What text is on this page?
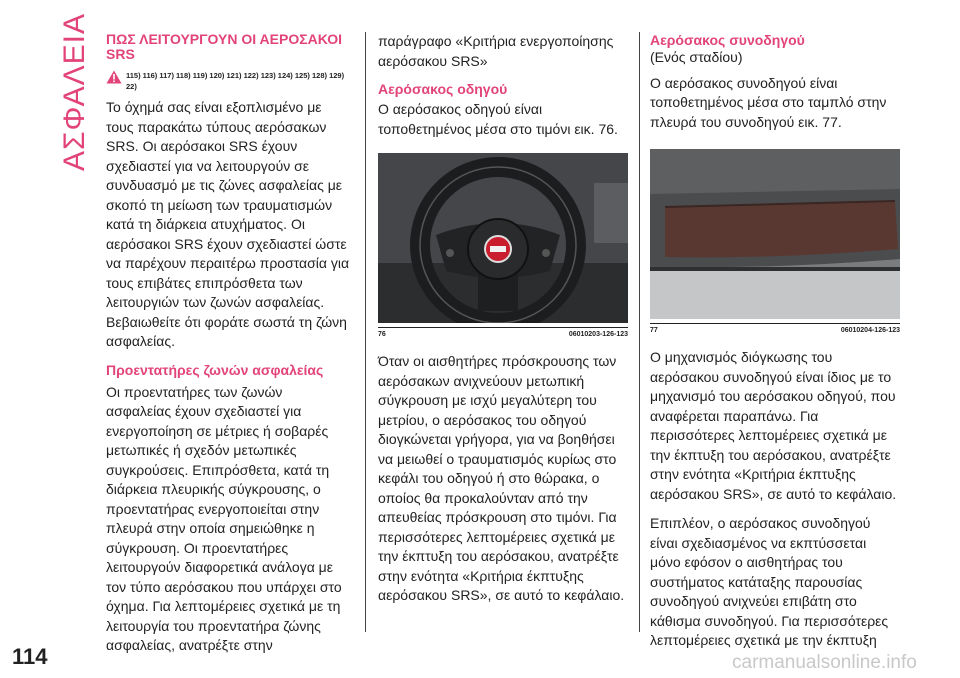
ΑΣΦΑΛΕΙΑ ΠΩΣ ΛΕΙΤΟΥΡΓΟΥΝ ΟΙ ΑΕΡΟΣΑΚΟΙ SRS
115) 116) 117) 118) 119) 120) 121) 122) 123) 124) 125) 128) 129) 22)

Το όχημά σας είναι εξοπλισμένο με τους παρακάτω τύπους αερόσακων SRS. Οι αερόσακοι SRS έχουν σχεδιαστεί για να λειτουργούν σε συνδυασμό με τις ζώνες ασφαλείας με σκοπό τη μείωση των τραυματισμών κατά τη διάρκεια ατυχήματος. Οι αερόσακοι SRS έχουν σχεδιαστεί ώστε να παρέχουν περαιτέρω προστασία για τους επιβάτες επιπρόσθετα των λειτουργιών των ζωνών ασφαλείας. Βεβαιωθείτε ότι φοράτε σωστά τη ζώνη ασφαλείας.

Προεντατήρες ζωνών ασφαλείας

Οι προεντατήρες των ζωνών ασφαλείας έχουν σχεδιαστεί για ενεργοποίηση σε μέτριες ή σοβαρές μετωπικές ή σχεδόν μετωπικές συγκρούσεις. Επιπρόσθετα, κατά τη διάρκεια πλευρικής σύγκρουσης, ο προεντατήρας ενεργοποιείται στην πλευρά στην οποία σημειώθηκε η σύγκρουση. Οι προεντατήρες λειτουργούν διαφορετικά ανάλογα με τον τύπο αερόσακου που υπάρχει στο όχημα. Για λεπτομέρειες σχετικά με τη λειτουργία του προεντατήρα ζώνης ασφαλείας, ανατρέξτε στην

παράγραφο «Κριτήρια ενεργοποίησης αερόσακου SRS»

Αερόσακος οδηγού

Ο αερόσακος οδηγού είναι τοποθετημένος μέσα στο τιμόνι εικ. 76.

76	06010203-126-123

Όταν οι αισθητήρες πρόσκρουσης των αερόσακων ανιχνεύουν μετωπική σύγκρουση με ισχύ μεγαλύτερη του μετρίου, ο αερόσακος του οδηγού διογκώνεται γρήγορα, για να βοηθήσει να μειωθεί ο τραυματισμός κυρίως στο κεφάλι του οδηγού ή στο θώρακα, ο οποίος θα προκαλούνταν από την απευθείας πρόσκρουση στο τιμόνι. Για περισσότερες λεπτομέρειες σχετικά με την έκπτυξη του αερόσακου, ανατρέξτε στην ενότητα «Κριτήρια έκπτυξης αερόσακου SRS», σε αυτό το κεφάλαιο.

Αερόσακος συνοδηγού

(Ενός σταδίου)

Ο αερόσακος συνοδηγού είναι τοποθετημένος μέσα στο ταμπλό στην πλευρά του συνοδηγού εικ. 77.

77	06010204-126-123

Ο μηχανισμός διόγκωσης του αερόσακου συνοδηγού είναι ίδιος με το μηχανισμό του αερόσακου οδηγού, που αναφέρεται παραπάνω. Για περισσότερες λεπτομέρειες σχετικά με την έκπτυξη του αερόσακου, ανατρέξτε στην ενότητα «Κριτήρια έκπτυξης αερόσακου SRS», σε αυτό το κεφάλαιο.

Επιπλέον, ο αερόσακος συνοδηγού είναι σχεδιασμένος να εκπτύσσεται μόνο εφόσον ο αισθητήρας του συστήματος κατάταξης παρουσίας συνοδηγού ανιχνεύει επιβάτη στο κάθισμα συνοδηγού. Για περισσότερες λεπτομέρειες σχετικά με την έκπτυξη

114	carmanualsonline.info
